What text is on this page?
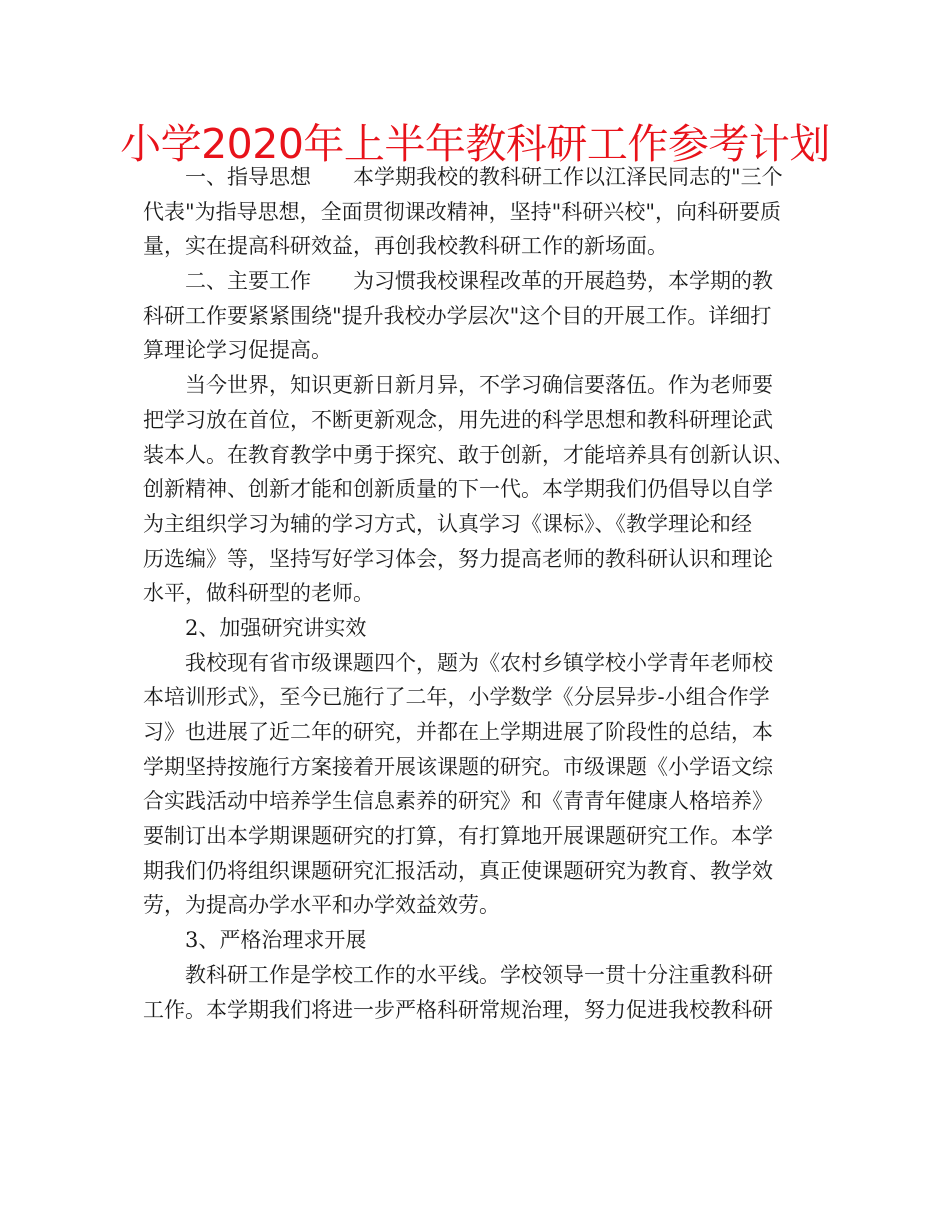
小学2020年上半年教科研工作参考计划
一、指导思想 本学期我校的教科研工作以江泽民同志的"三个
代表"为指导思想，全面贯彻课改精神，坚持"科研兴校"，向科研要质
量，实在提高科研效益，再创我校教科研工作的新场面。
二、主要工作 为习惯我校课程改革的开展趋势，本学期的教
科研工作要紧紧围绕"提升我校办学层次"这个目的开展工作。详细打
算理论学习促提高。
当今世界，知识更新日新月异，不学习确信要落伍。作为老师要
把学习放在首位，不断更新观念，用先进的科学思想和教科研理论武
装本人。在教育教学中勇于探究、敢于创新，才能培养具有创新认识、
创新精神、创新才能和创新质量的下一代。本学期我们仍倡导以自学
为主组织学习为辅的学习方式，认真学习《课标》、《教学理论和经
历选编》等，坚持写好学习体会，努力提高老师的教科研认识和理论
水平，做科研型的老师。
2、加强研究讲实效
我校现有省市级课题四个，题为《农村乡镇学校小学青年老师校
本培训形式》，至今已施行了二年，小学数学《分层异步-小组合作学
习》也进展了近二年的研究，并都在上学期进展了阶段性的总结，本
学期坚持按施行方案接着开展该课题的研究。市级课题《小学语文综
合实践活动中培养学生信息素养的研究》和《青青年健康人格培养》
要制订出本学期课题研究的打算，有打算地开展课题研究工作。本学
期我们仍将组织课题研究汇报活动，真正使课题研究为教育、教学效
劳，为提高办学水平和办学效益效劳。
3、严格治理求开展
教科研工作是学校工作的水平线。学校领导一贯十分注重教科研
工作。本学期我们将进一步严格科研常规治理，努力促进我校教科研
